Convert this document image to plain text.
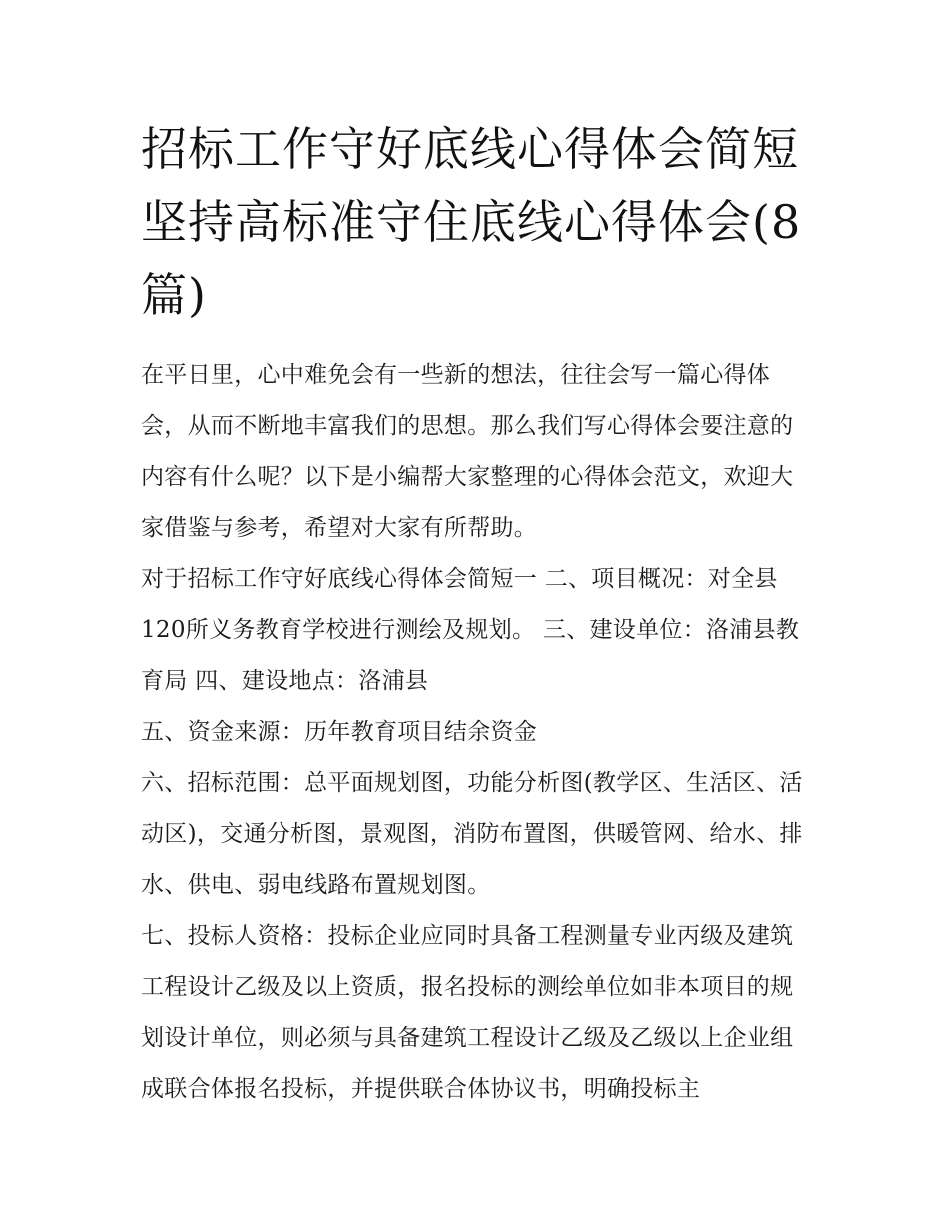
招标工作守好底线心得体会简短 坚持高标准守住底线心得体会(8 篇)

在平日里，心中难免会有一些新的想法，往往会写一篇心得体会，从而不断地丰富我们的思想。那么我们写心得体会要注意的内容有什么呢？以下是小编帮大家整理的心得体会范文，欢迎大家借鉴与参考，希望对大家有所帮助。

对于招标工作守好底线心得体会简短一 二、项目概况：对全县120所义务教育学校进行测绘及规划。 三、建设单位：洛浦县教育局 四、建设地点：洛浦县

五、资金来源：历年教育项目结余资金

六、招标范围：总平面规划图，功能分析图(教学区、生活区、活动区)，交通分析图，景观图，消防布置图，供暖管网、给水、排水、供电、弱电线路布置规划图。

七、投标人资格：投标企业应同时具备工程测量专业丙级及建筑工程设计乙级及以上资质，报名投标的测绘单位如非本项目的规划设计单位，则必须与具备建筑工程设计乙级及乙级以上企业组成联合体报名投标，并提供联合体协议书，明确投标主
